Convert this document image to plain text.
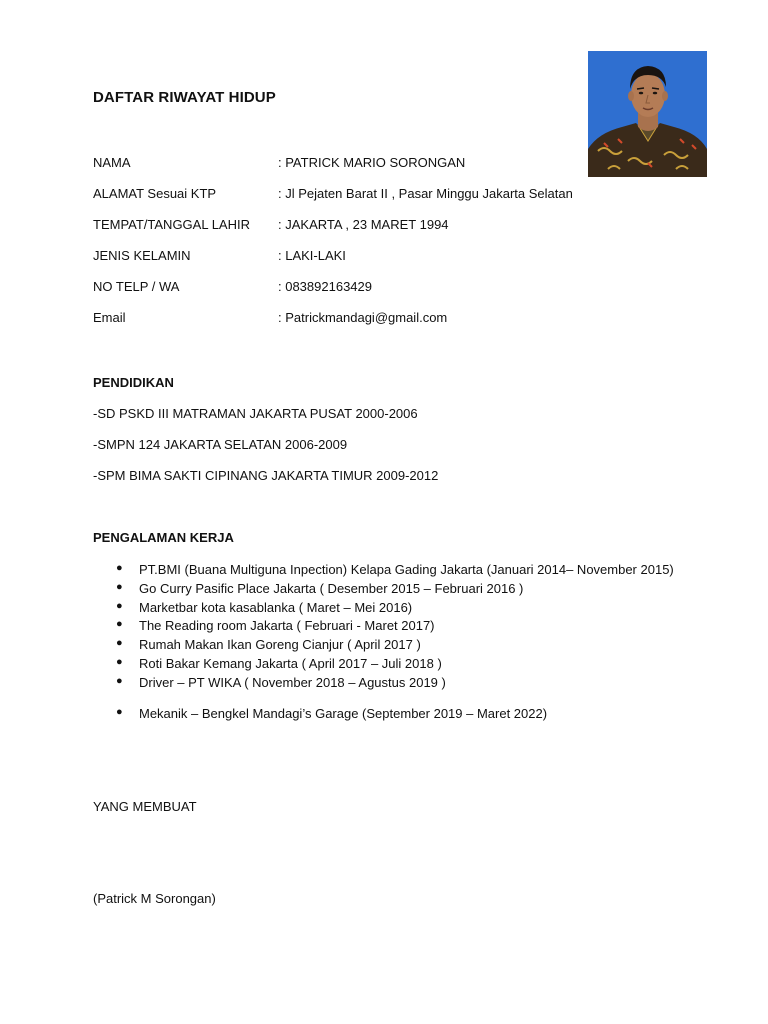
DAFTAR RIWAYAT HIDUP
NAMA	: PATRICK MARIO SORONGAN
ALAMAT Sesuai KTP	: Jl Pejaten Barat II , Pasar Minggu Jakarta Selatan
TEMPAT/TANGGAL LAHIR : JAKARTA , 23 MARET 1994
JENIS KELAMIN	: LAKI-LAKI
NO TELP / WA	: 083892163429
Email	: Patrickmandagi@gmail.com
PENDIDIKAN
-SD PSKD III MATRAMAN JAKARTA PUSAT 2000-2006
-SMPN 124 JAKARTA SELATAN 2006-2009
-SPM BIMA SAKTI CIPINANG JAKARTA TIMUR 2009-2012
PENGALAMAN KERJA
● PT.BMI (Buana Multiguna Inpection) Kelapa Gading Jakarta (Januari 2014– November 2015)
● Go Curry Pasific Place Jakarta ( Desember 2015 – Februari 2016 )
● Marketbar kota kasablanka ( Maret – Mei 2016)
● The Reading room Jakarta ( Februari - Maret 2017)
● Rumah Makan Ikan Goreng Cianjur ( April 2017 )
● Roti Bakar Kemang Jakarta ( April 2017 – Juli 2018 )
● Driver – PT WIKA ( November 2018 – Agustus 2019 )
● Mekanik – Bengkel Mandagi’s Garage (September 2019 – Maret 2022)
YANG MEMBUAT
(Patrick M Sorongan)
